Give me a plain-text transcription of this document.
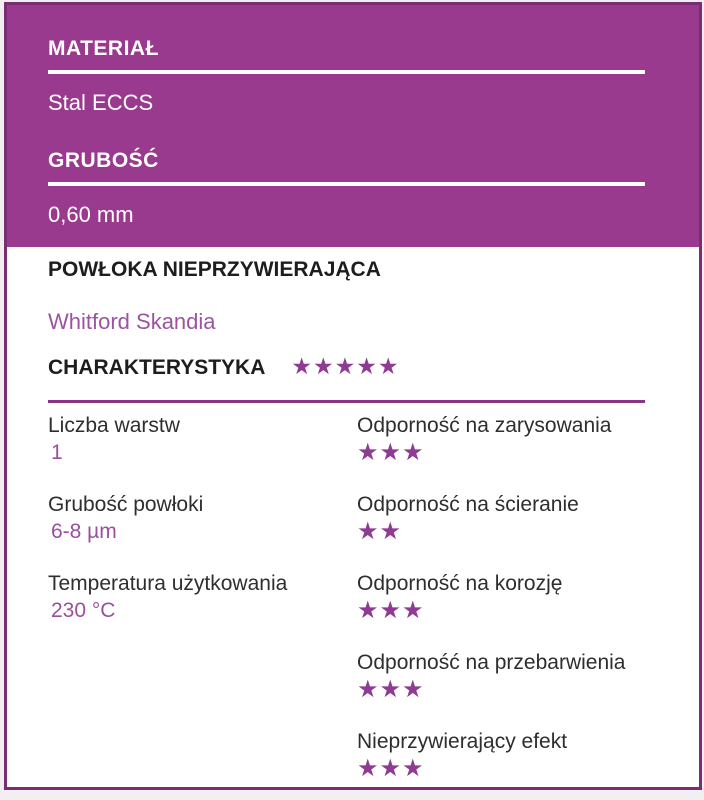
MATERIAŁ
Stal ECCS
GRUBOŚĆ
0,60 mm
POWŁOKA NIEPRZYWIERAJĄCA
Whitford Skandia
CHARAKTERYSTYKA ★★★★★
Liczba warstw
1
Grubość powłoki
6-8 µm
Temperatura użytkowania
230 °C
Odporność na zarysowania
★★★
Odporność na ścieranie
★★
Odporność na korozję
★★★
Odporność na przebarwienia
★★★
Nieprzywierający efekt
★★★
